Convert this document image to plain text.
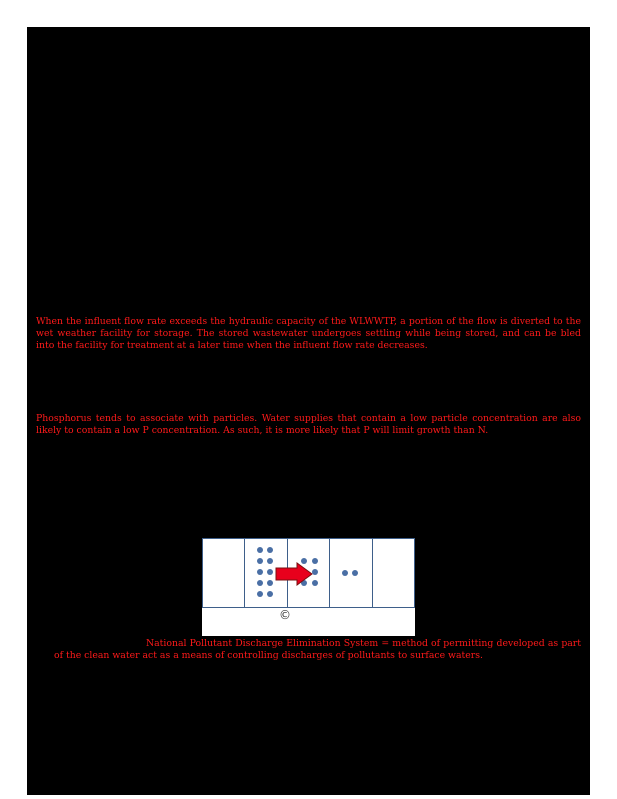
When the influent flow rate exceeds the hydraulic capacity of the WLWWTP, a portion of the flow is diverted to the wet weather facility for storage. The stored wastewater undergoes settling while being stored, and can be bled into the facility for treatment at a later time when the influent flow rate decreases.

Phosphorus tends to associate with particles. Water supplies that contain a low particle concentration are also likely to contain a low P concentration. As such, it is more likely that P will limit growth than N.

©

National Pollutant Discharge Elimination System = method of permitting developed as part of the clean water act as a means of controlling discharges of pollutants to surface waters.
